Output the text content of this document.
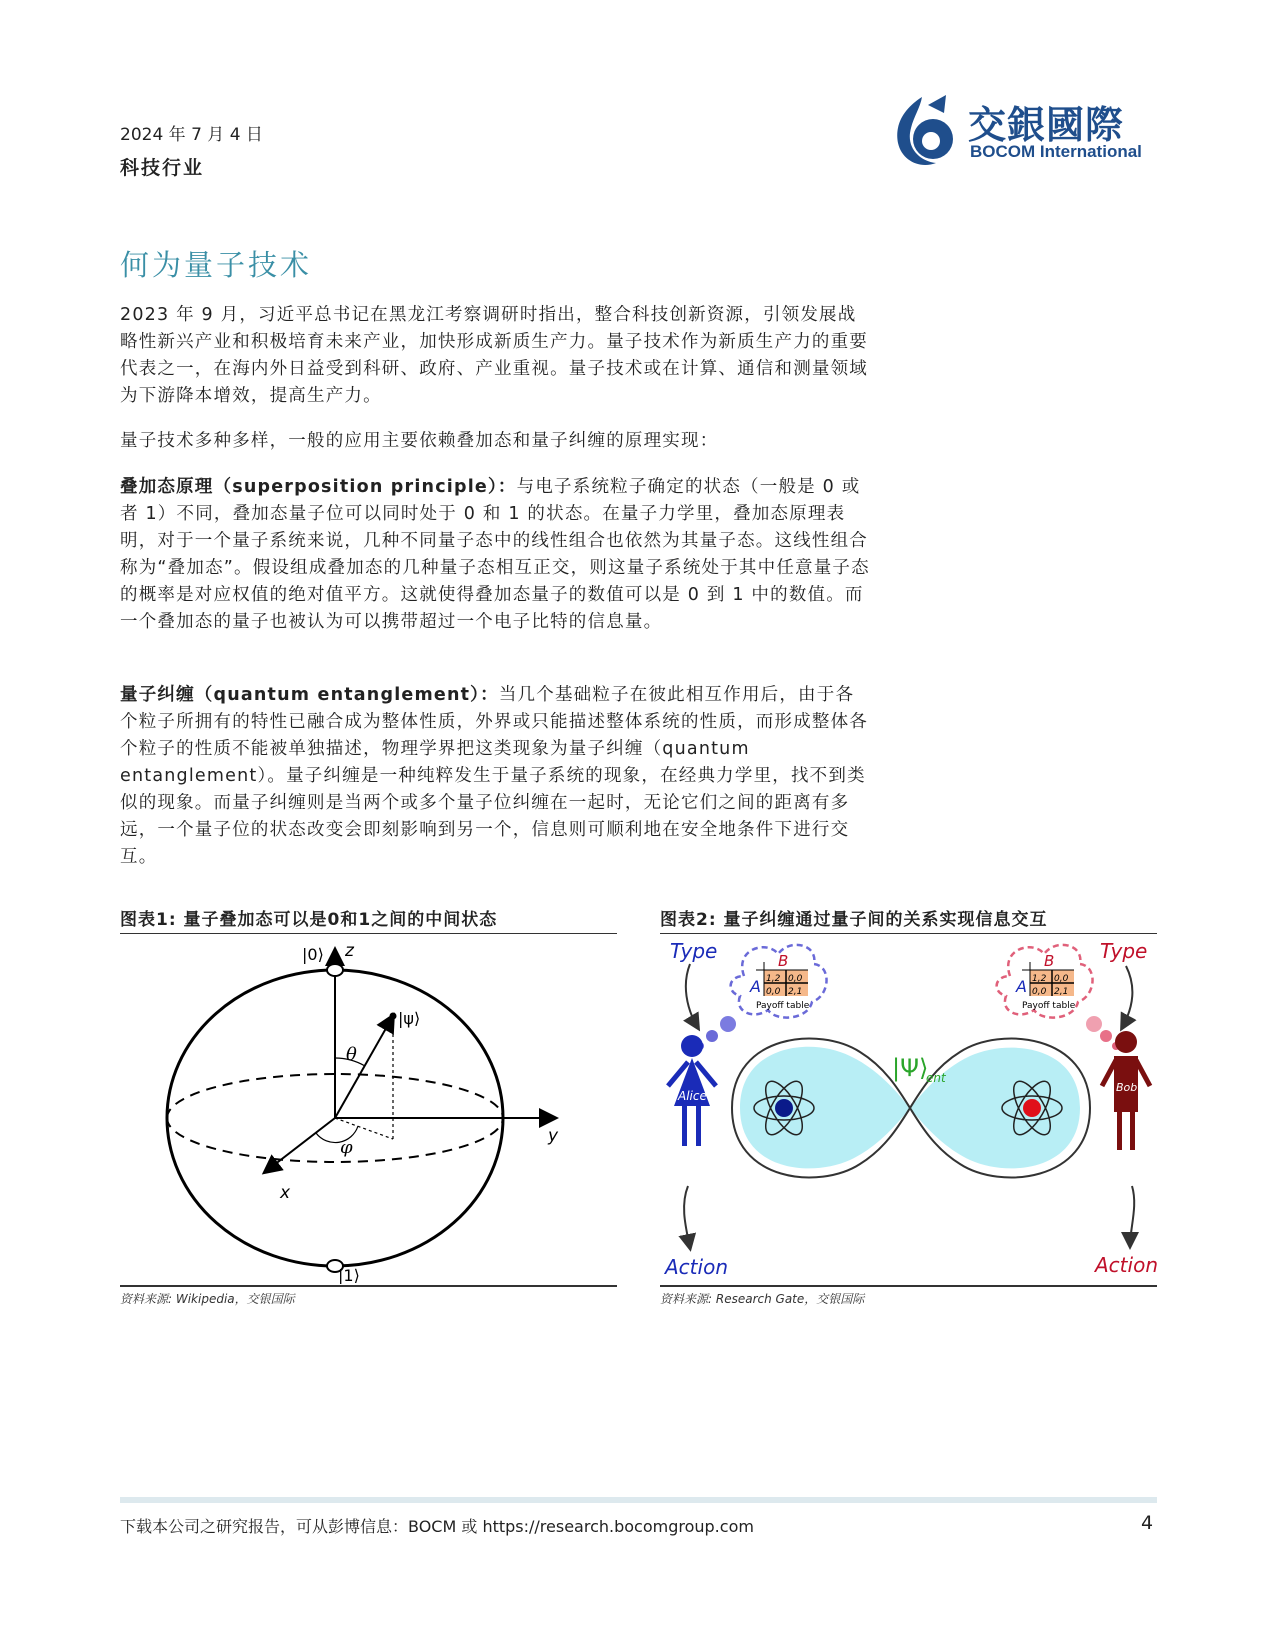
2024 年 7 月 4 日
科技行业
交銀國際
BOCOM International
何为量子技术
2023 年 9 月，习近平总书记在黑龙江考察调研时指出，整合科技创新资源，引领发展战略性新兴产业和积极培育未来产业，加快形成新质生产力。量子技术作为新质生产力的重要代表之一，在海内外日益受到科研、政府、产业重视。量子技术或在计算、通信和测量领域为下游降本增效，提高生产力。
量子技术多种多样，一般的应用主要依赖叠加态和量子纠缠的原理实现：
叠加态原理（superposition principle）：与电子系统粒子确定的状态（一般是 0 或者 1）不同，叠加态量子位可以同时处于 0 和 1 的状态。在量子力学里，叠加态原理表明，对于一个量子系统来说，几种不同量子态中的线性组合也依然为其量子态。这线性组合称为“叠加态”。假设组成叠加态的几种量子态相互正交，则这量子系统处于其中任意量子态的概率是对应权值的绝对值平方。这就使得叠加态量子的数值可以是 0 到 1 中的数值。而一个叠加态的量子也被认为可以携带超过一个电子比特的信息量。
量子纠缠（quantum entanglement）：当几个基础粒子在彼此相互作用后，由于各个粒子所拥有的特性已融合成为整体性质，外界或只能描述整体系统的性质，而形成整体各个粒子的性质不能被单独描述，物理学界把这类现象为量子纠缠（quantum entanglement）。量子纠缠是一种纯粹发生于量子系统的现象，在经典力学里，找不到类似的现象。而量子纠缠则是当两个或多个量子位纠缠在一起时，无论它们之间的距离有多远，一个量子位的状态改变会即刻影响到另一个，信息则可顺利地在安全地条件下进行交互。
图表1: 量子叠加态可以是0和1之间的中间状态	图表2: 量子纠缠通过量子间的关系实现信息交互
|0⟩ z
|ψ⟩
θ
φ
y
x
|1⟩
Type	Type
Action	Action
B
A 1,2 0,0
0,0 2,1
Payoff table
B
A 1,2 0,0
0,0 2,1
Payoff table
Alice
Bob
|Ψ⟩
ent
资料来源: Wikipedia，交银国际	资料来源: Research Gate，交银国际
下载本公司之研究报告，可从彭博信息：BOCM 或 https://research.bocomgroup.com	4
